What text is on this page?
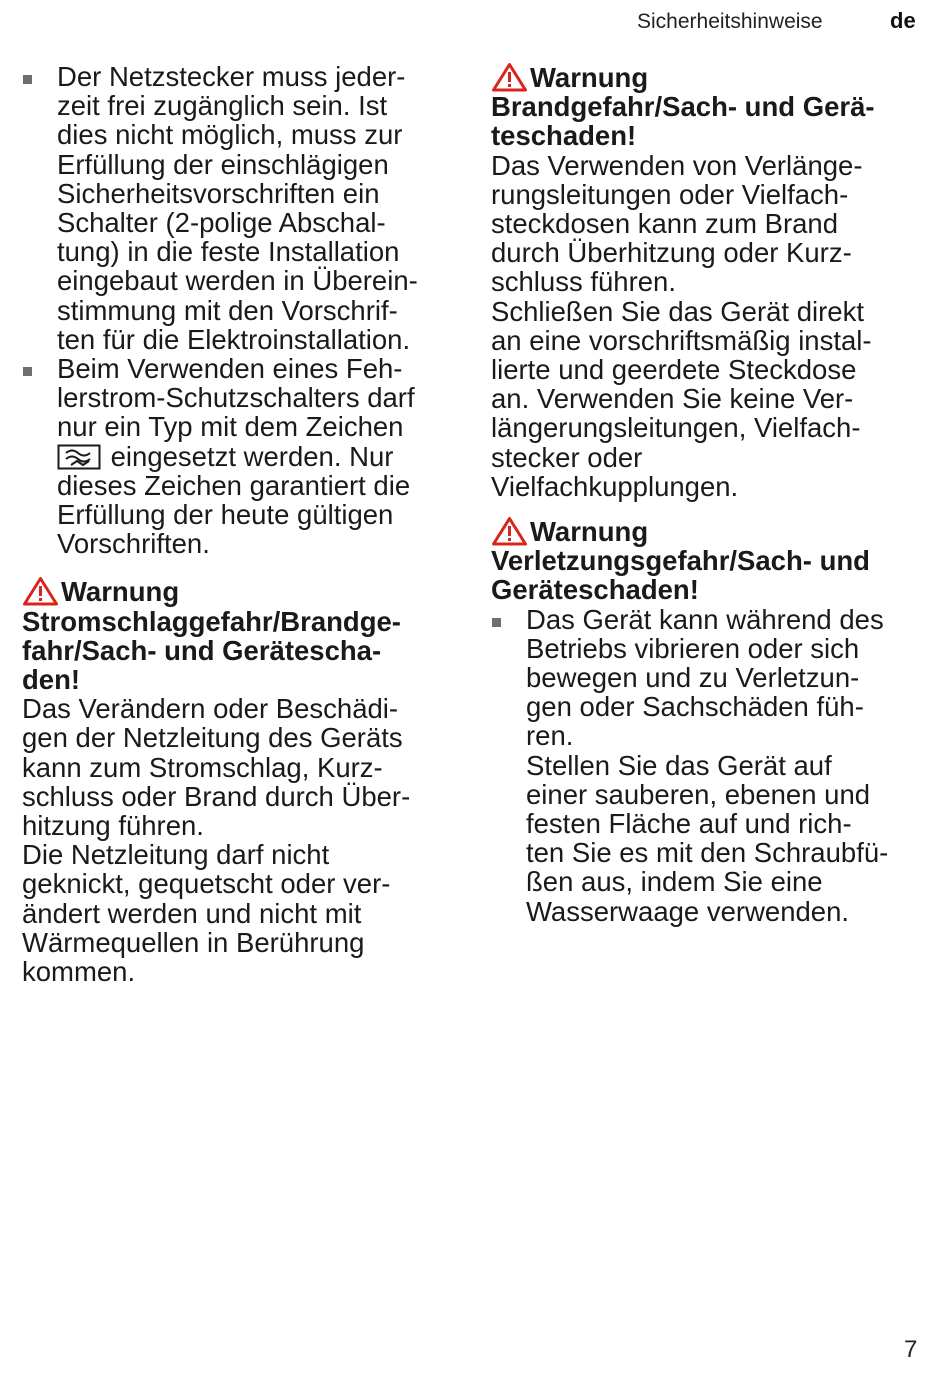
Sicherheitshinweise	de
Der Netzstecker muss jeder-
zeit frei zugänglich sein. Ist
dies nicht möglich, muss zur
Erfüllung der einschlägigen
Sicherheitsvorschriften ein
Schalter (2-polige Abschal-
tung) in die feste Installation
eingebaut werden in Überein-
stimmung mit den Vorschrif-
ten für die Elektroinstallation.
Beim Verwenden eines Feh-
lerstrom-Schutzschalters darf
nur ein Typ mit dem Zeichen
eingesetzt werden. Nur
dieses Zeichen garantiert die
Erfüllung der heute gültigen
Vorschriften.
Warnung
Stromschlaggefahr/Brandge-
fahr/Sach- und Geräteschа-
den!
Das Verändern oder Beschädi-
gen der Netzleitung des Geräts
kann zum Stromschlag, Kurz-
schluss oder Brand durch Über-
hitzung führen.
Die Netzleitung darf nicht
geknickt, gequetscht oder ver-
ändert werden und nicht mit
Wärmequellen in Berührung
kommen.
Warnung
Brandgefahr/Sach- und Gerä-
teschaden!
Das Verwenden von Verlänge-
rungsleitungen oder Vielfach-
steckdosen kann zum Brand
durch Überhitzung oder Kurz-
schluss führen.
Schließen Sie das Gerät direkt
an eine vorschriftsmäßig instal-
lierte und geerdete Steckdose
an. Verwenden Sie keine Ver-
längerungsleitungen, Vielfach-
stecker oder
Vielfachkupplungen.
Warnung
Verletzungsgefahr/Sach- und
Geräteschaden!
Das Gerät kann während des
Betriebs vibrieren oder sich
bewegen und zu Verletzun-
gen oder Sachschäden füh-
ren.
Stellen Sie das Gerät auf
einer sauberen, ebenen und
festen Fläche auf und rich-
ten Sie es mit den Schraubfü-
ßen aus, indem Sie eine
Wasserwaage verwenden.
7
